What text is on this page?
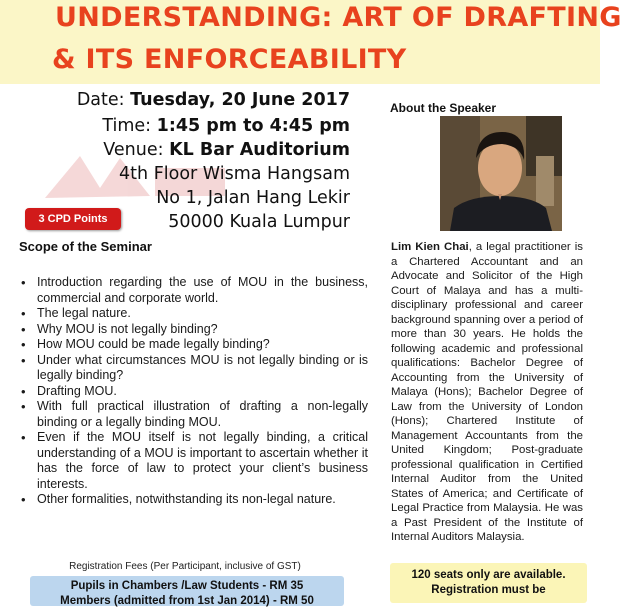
UNDERSTANDING: ART OF DRAFTING
& ITS ENFORCEABILITY
Date: Tuesday, 20 June 2017
Time: 1:45 pm to 4:45 pm
Venue: KL Bar Auditorium
4th Floor Wisma Hangsam
No 1, Jalan Hang Lekir
50000 Kuala Lumpur
3 CPD Points
Scope of the Seminar
• Introduction regarding the use of MOU in the business, commercial and corporate world.
• The legal nature.
• Why MOU is not legally binding?
• How MOU could be made legally binding?
• Under what circumstances MOU is not legally binding or is legally binding?
• Drafting MOU.
• With full practical illustration of drafting a non-legally binding or a legally binding MOU.
• Even if the MOU itself is not legally binding, a critical understanding of a MOU is important to ascertain whether it has the force of law to protect your client’s business interests.
• Other formalities, notwithstanding its non-legal nature.
Registration Fees (Per Participant, inclusive of GST)
Pupils in Chambers /Law Students - RM 35
Members (admitted from 1st Jan 2014) - RM 50
About the Speaker
Lim Kien Chai, a legal practitioner is a Chartered Accountant and an Advocate and Solicitor of the High Court of Malaya and has a multi-disciplinary professional and career background spanning over a period of more than 30 years. He holds the following academic and professional qualifications: Bachelor Degree of Accounting from the University of Malaya (Hons); Bachelor Degree of Law from the University of London (Hons); Chartered Institute of Management Accountants from the United Kingdom; Post-graduate professional qualification in Certified Internal Auditor from the United States of America; and Certificate of Legal Practice from Malaysia. He was a Past President of the Institute of Internal Auditors Malaysia.
120 seats only are available.
Registration must be
